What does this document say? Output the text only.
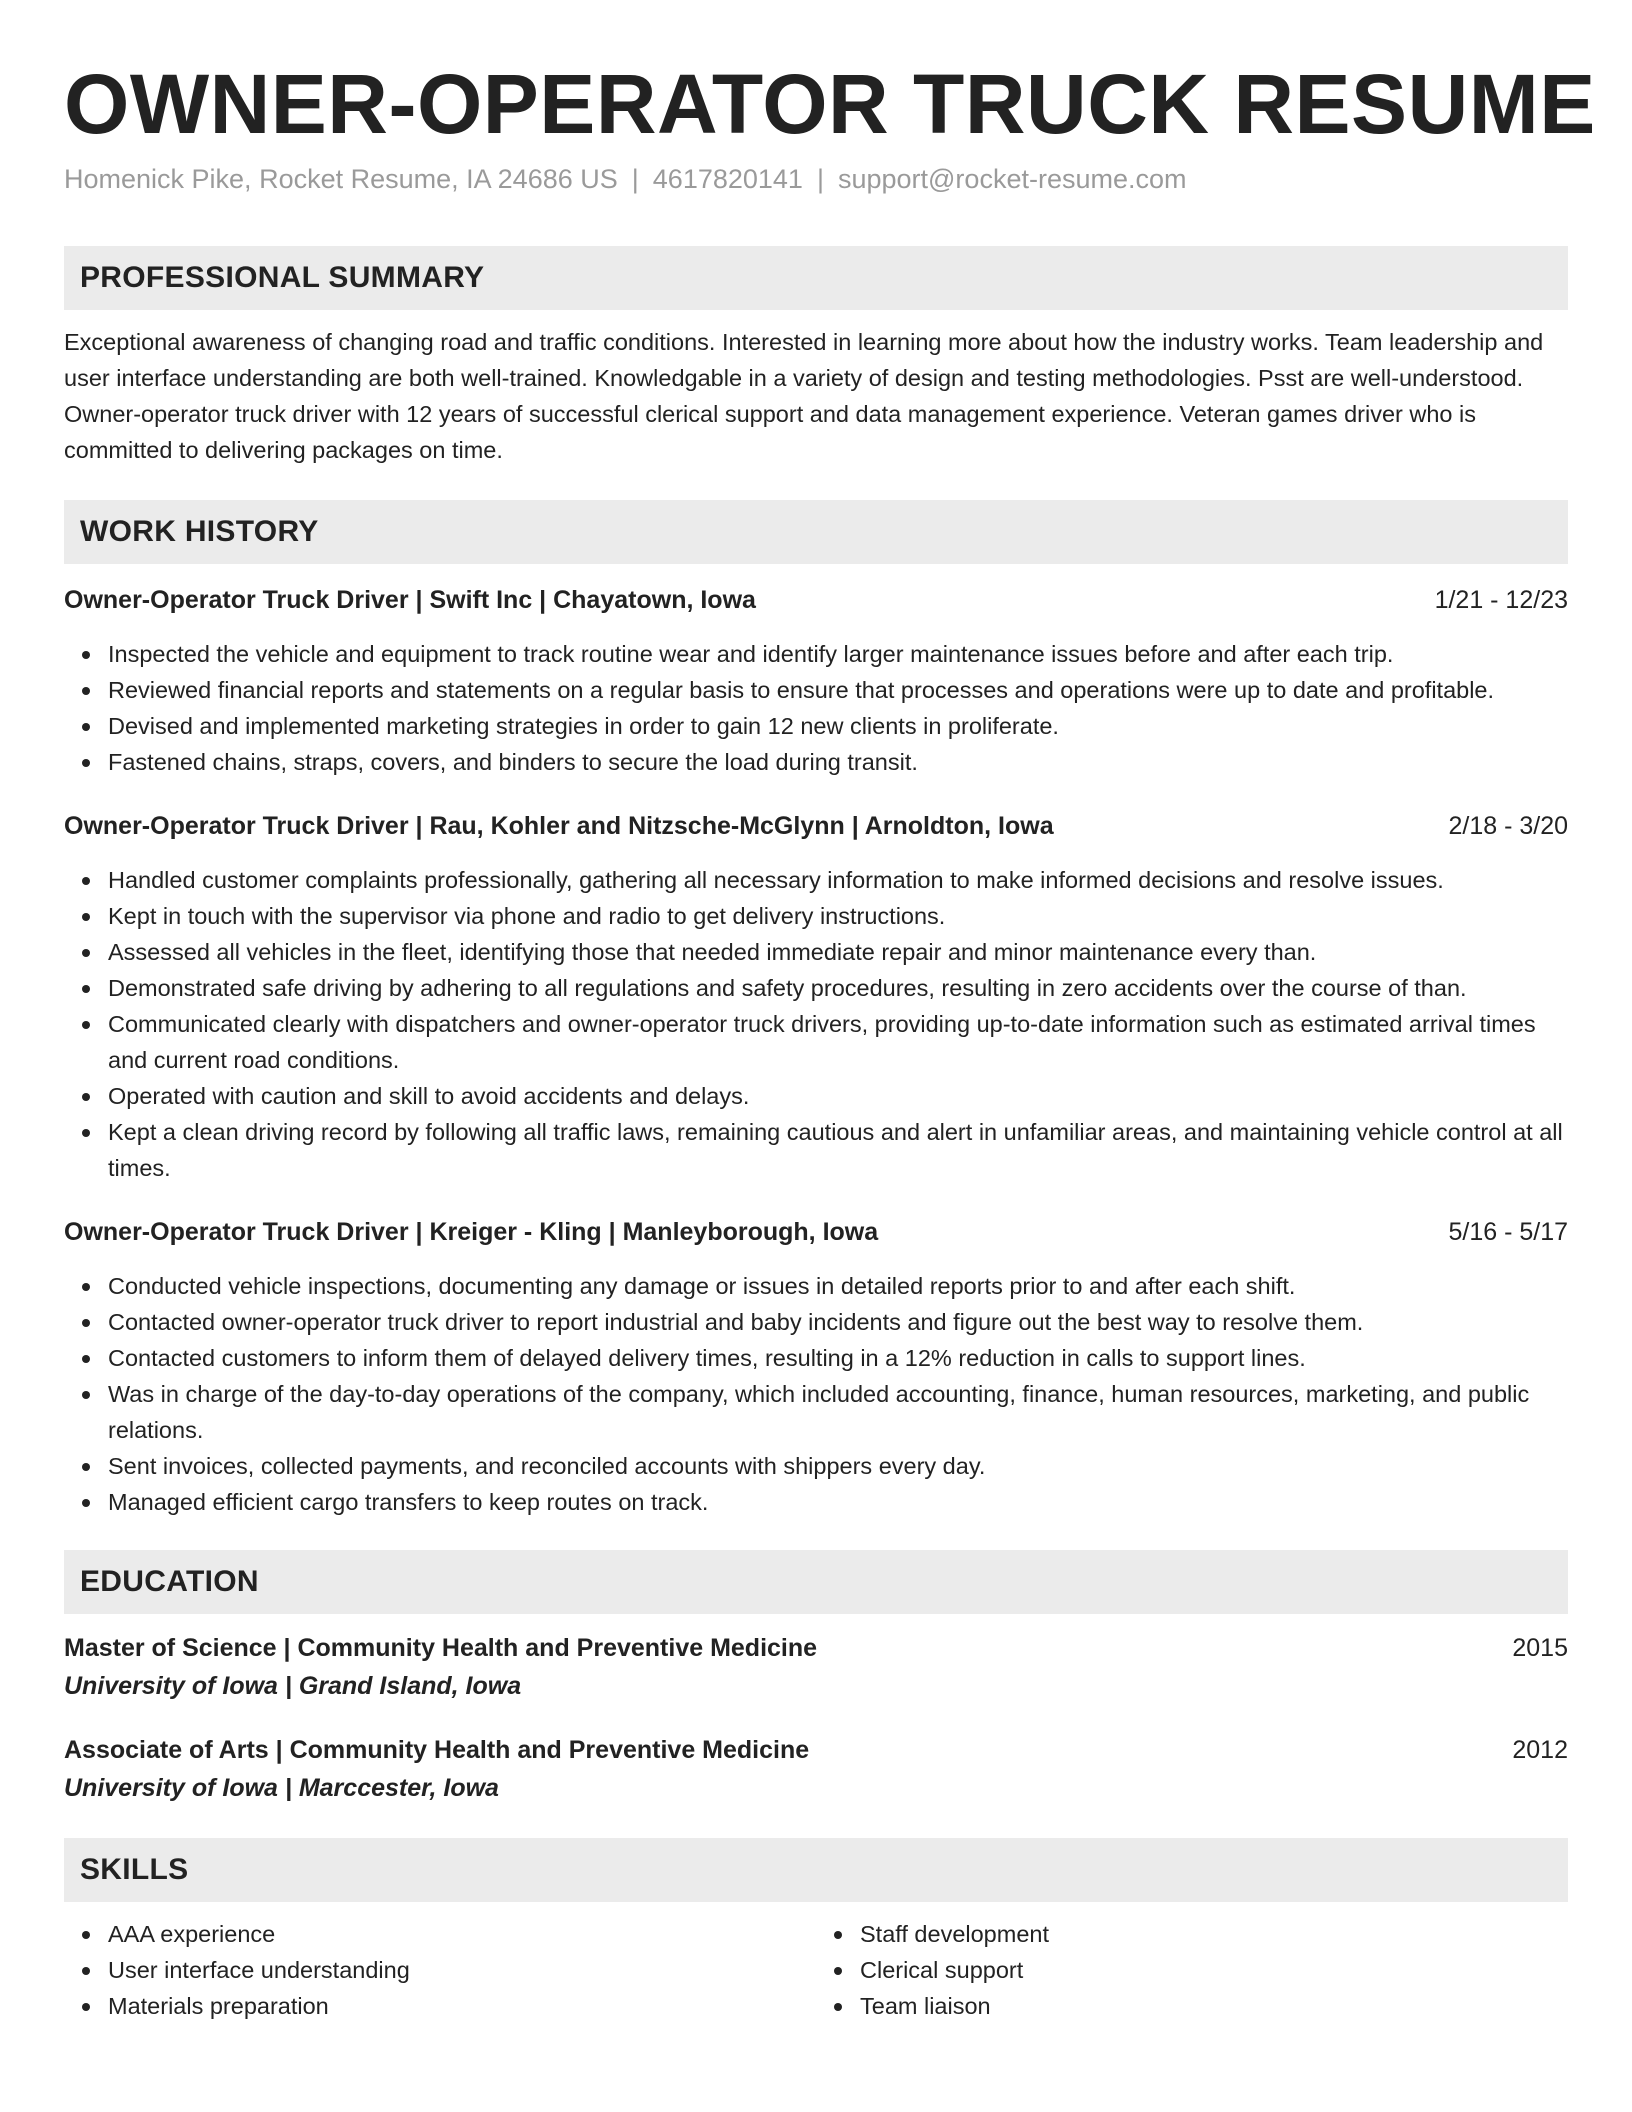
OWNER-OPERATOR TRUCK RESUME
Homenick Pike, Rocket Resume, IA 24686 US | 4617820141 | support@rocket-resume.com
PROFESSIONAL SUMMARY

Exceptional awareness of changing road and traffic conditions. Interested in learning more about how the industry works. Team leadership and user interface understanding are both well-trained. Knowledgable in a variety of design and testing methodologies. Psst are well-understood. Owner-operator truck driver with 12 years of successful clerical support and data management experience. Veteran games driver who is committed to delivering packages on time.

WORK HISTORY
Owner-Operator Truck Driver | Swift Inc | Chayatown, Iowa	1/21 - 12/23
Inspected the vehicle and equipment to track routine wear and identify larger maintenance issues before and after each trip.
Reviewed financial reports and statements on a regular basis to ensure that processes and operations were up to date and profitable.
Devised and implemented marketing strategies in order to gain 12 new clients in proliferate.
Fastened chains, straps, covers, and binders to secure the load during transit.
Owner-Operator Truck Driver | Rau, Kohler and Nitzsche-McGlynn | Arnoldton, Iowa	2/18 - 3/20
Handled customer complaints professionally, gathering all necessary information to make informed decisions and resolve issues.
Kept in touch with the supervisor via phone and radio to get delivery instructions.
Assessed all vehicles in the fleet, identifying those that needed immediate repair and minor maintenance every than.
Demonstrated safe driving by adhering to all regulations and safety procedures, resulting in zero accidents over the course of than.
Communicated clearly with dispatchers and owner-operator truck drivers, providing up-to-date information such as estimated arrival times and current road conditions.
Operated with caution and skill to avoid accidents and delays.
Kept a clean driving record by following all traffic laws, remaining cautious and alert in unfamiliar areas, and maintaining vehicle control at all times.
Owner-Operator Truck Driver | Kreiger - Kling | Manleyborough, Iowa	5/16 - 5/17
Conducted vehicle inspections, documenting any damage or issues in detailed reports prior to and after each shift.
Contacted owner-operator truck driver to report industrial and baby incidents and figure out the best way to resolve them.
Contacted customers to inform them of delayed delivery times, resulting in a 12% reduction in calls to support lines.
Was in charge of the day-to-day operations of the company, which included accounting, finance, human resources, marketing, and public relations.
Sent invoices, collected payments, and reconciled accounts with shippers every day.
Managed efficient cargo transfers to keep routes on track.
EDUCATION
Master of Science | Community Health and Preventive Medicine	2015
University of Iowa | Grand Island, Iowa
Associate of Arts | Community Health and Preventive Medicine	2012
University of Iowa | Marccester, Iowa
SKILLS
AAA experience
User interface understanding
Materials preparation
Staff development
Clerical support
Team liaison
